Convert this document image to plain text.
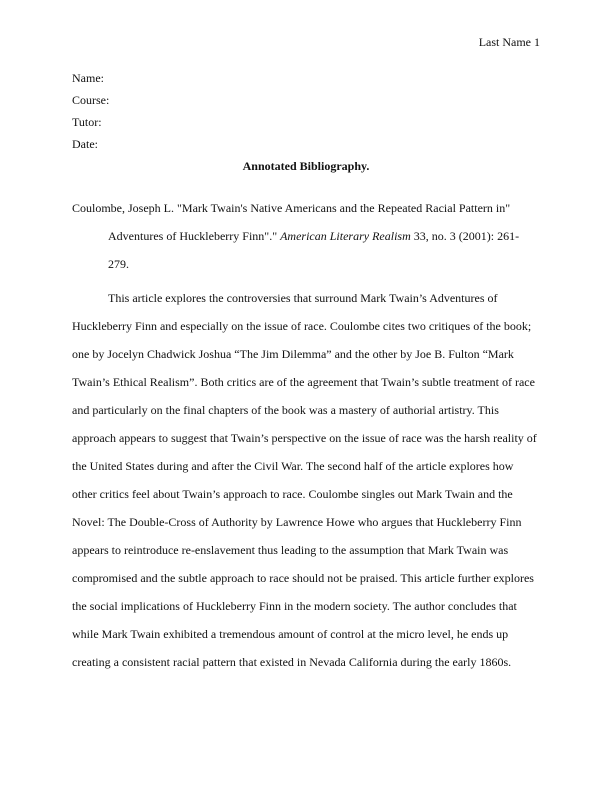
Last Name 1
Name:
Course:
Tutor:
Date:
Annotated Bibliography.
Coulombe, Joseph L. "Mark Twain's Native Americans and the Repeated Racial Pattern in"
Adventures of Huckleberry Finn"." American Literary Realism 33, no. 3 (2001): 261-
279.
This article explores the controversies that surround Mark Twain’s Adventures of
Huckleberry Finn and especially on the issue of race. Coulombe cites two critiques of the book;
one by Jocelyn Chadwick Joshua “The Jim Dilemma” and the other by Joe B. Fulton “Mark
Twain’s Ethical Realism”. Both critics are of the agreement that Twain’s subtle treatment of race
and particularly on the final chapters of the book was a mastery of authorial artistry. This
approach appears to suggest that Twain’s perspective on the issue of race was the harsh reality of
the United States during and after the Civil War. The second half of the article explores how
other critics feel about Twain’s approach to race. Coulombe singles out Mark Twain and the
Novel: The Double-Cross of Authority by Lawrence Howe who argues that Huckleberry Finn
appears to reintroduce re-enslavement thus leading to the assumption that Mark Twain was
compromised and the subtle approach to race should not be praised. This article further explores
the social implications of Huckleberry Finn in the modern society. The author concludes that
while Mark Twain exhibited a tremendous amount of control at the micro level, he ends up
creating a consistent racial pattern that existed in Nevada California during the early 1860s.
